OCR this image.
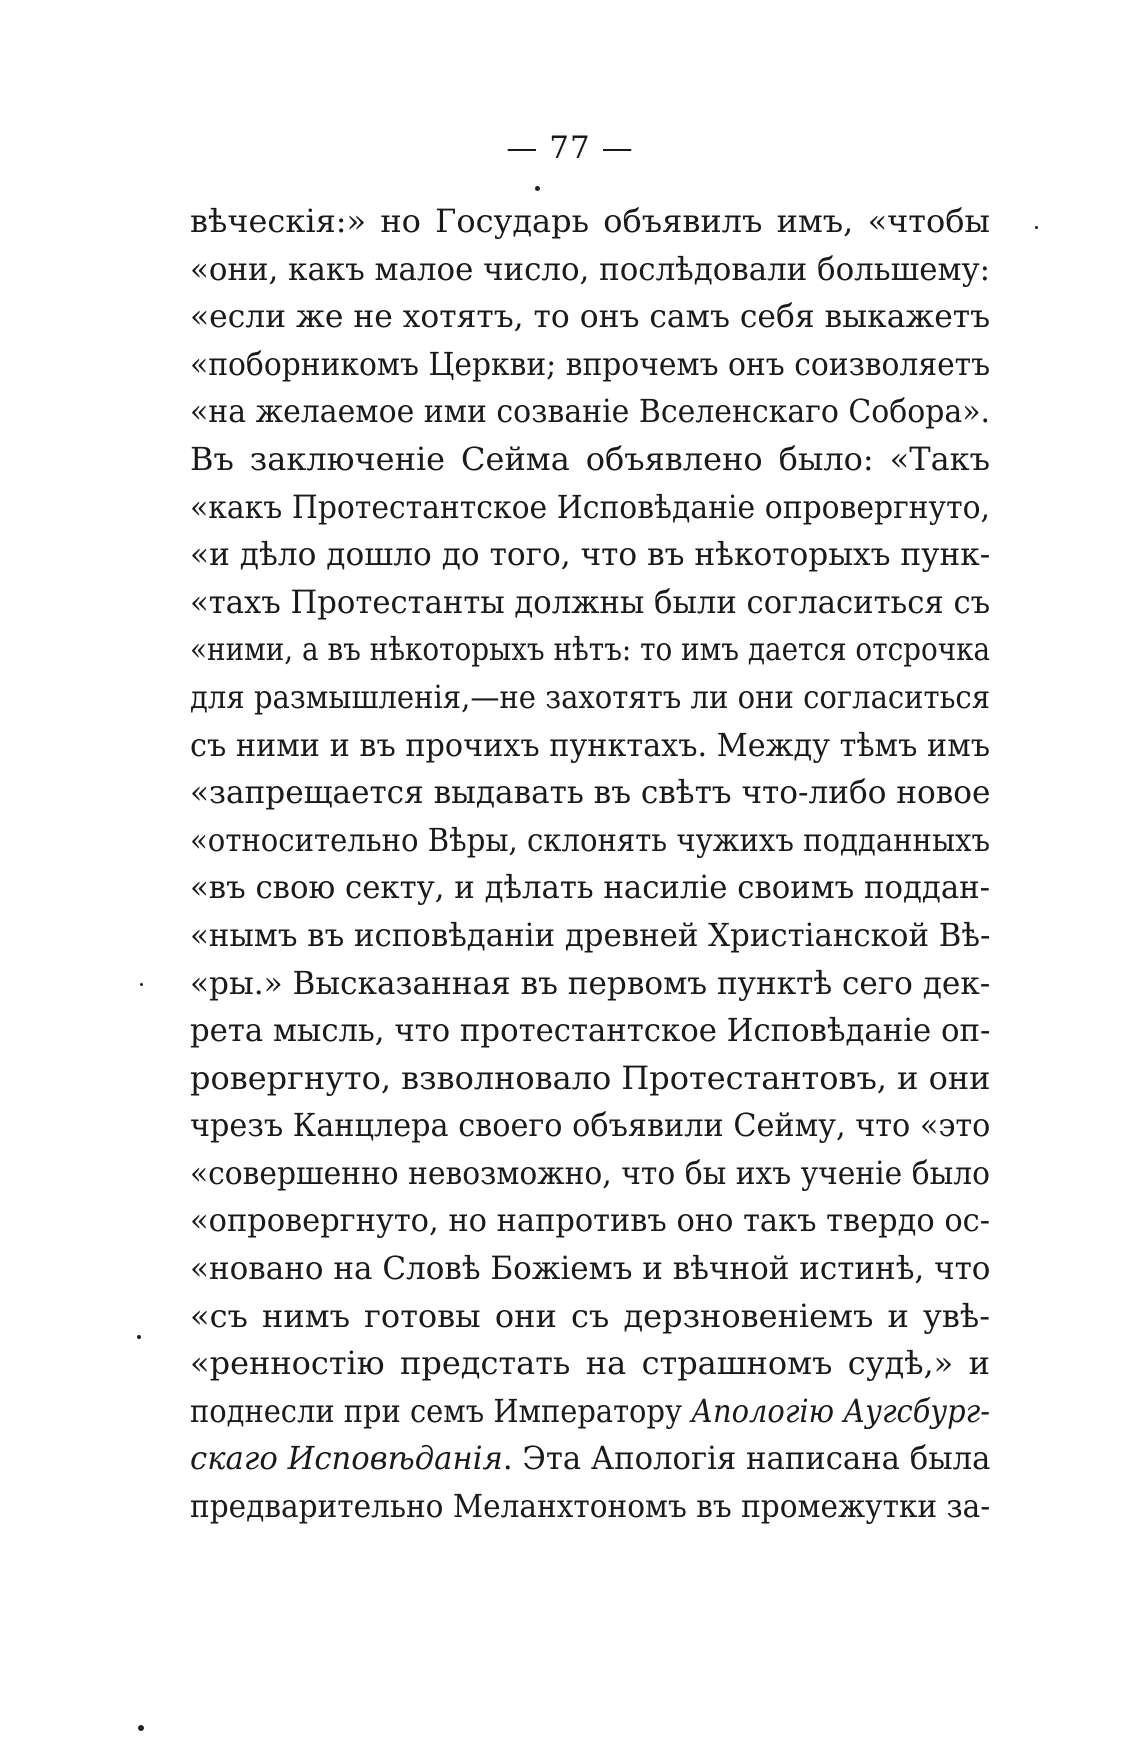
— 77 —
вѣческія:» но Государь объявилъ имъ, «чтобы
«они, какъ малое число, послѣдовали большему:
«если же не хотятъ, то онъ самъ себя выкажетъ
«поборникомъ Церкви; впрочемъ онъ соизволяетъ
«на желаемое ими созваніе Вселенскаго Собора».
Въ заключеніе Сейма объявлено было: «Такъ
«какъ Протестантское Исповѣданіе опровергнуто,
«и дѣло дошло до того, что въ нѣкоторыхъ пунк-
«тахъ Протестанты должны были согласиться съ
«ними, а въ нѣкоторыхъ нѣтъ: то имъ дается отсрочка
для размышленія,—не захотятъ ли они согласиться
съ ними и въ прочихъ пунктахъ. Между тѣмъ имъ
«запрещается выдавать въ свѣтъ что-либо новое
«относительно Вѣры, склонять чужихъ подданныхъ
«въ свою секту, и дѣлать насиліе своимъ поддан-
«нымъ въ исповѣданіи древней Христіанской Вѣ-
«ры.» Высказанная въ первомъ пунктѣ сего дек-
рета мысль, что протестантское Исповѣданіе оп-
ровергнуто, взволновало Протестантовъ, и они
чрезъ Канцлера своего объявили Сейму, что «это
«совершенно невозможно, что бы ихъ ученіе было
«опровергнуто, но напротивъ оно такъ твердо ос-
«новано на Словѣ Божіемъ и вѣчной истинѣ, что
«съ нимъ готовы они съ дерзновеніемъ и увѣ-
«ренностію предстать на страшномъ судѣ,» и
поднесли при семъ Императору Апологію Аугсбург-
скаго Исповѣданія. Эта Апологія написана была
предварительно Меланхтономъ въ промежутки за-
